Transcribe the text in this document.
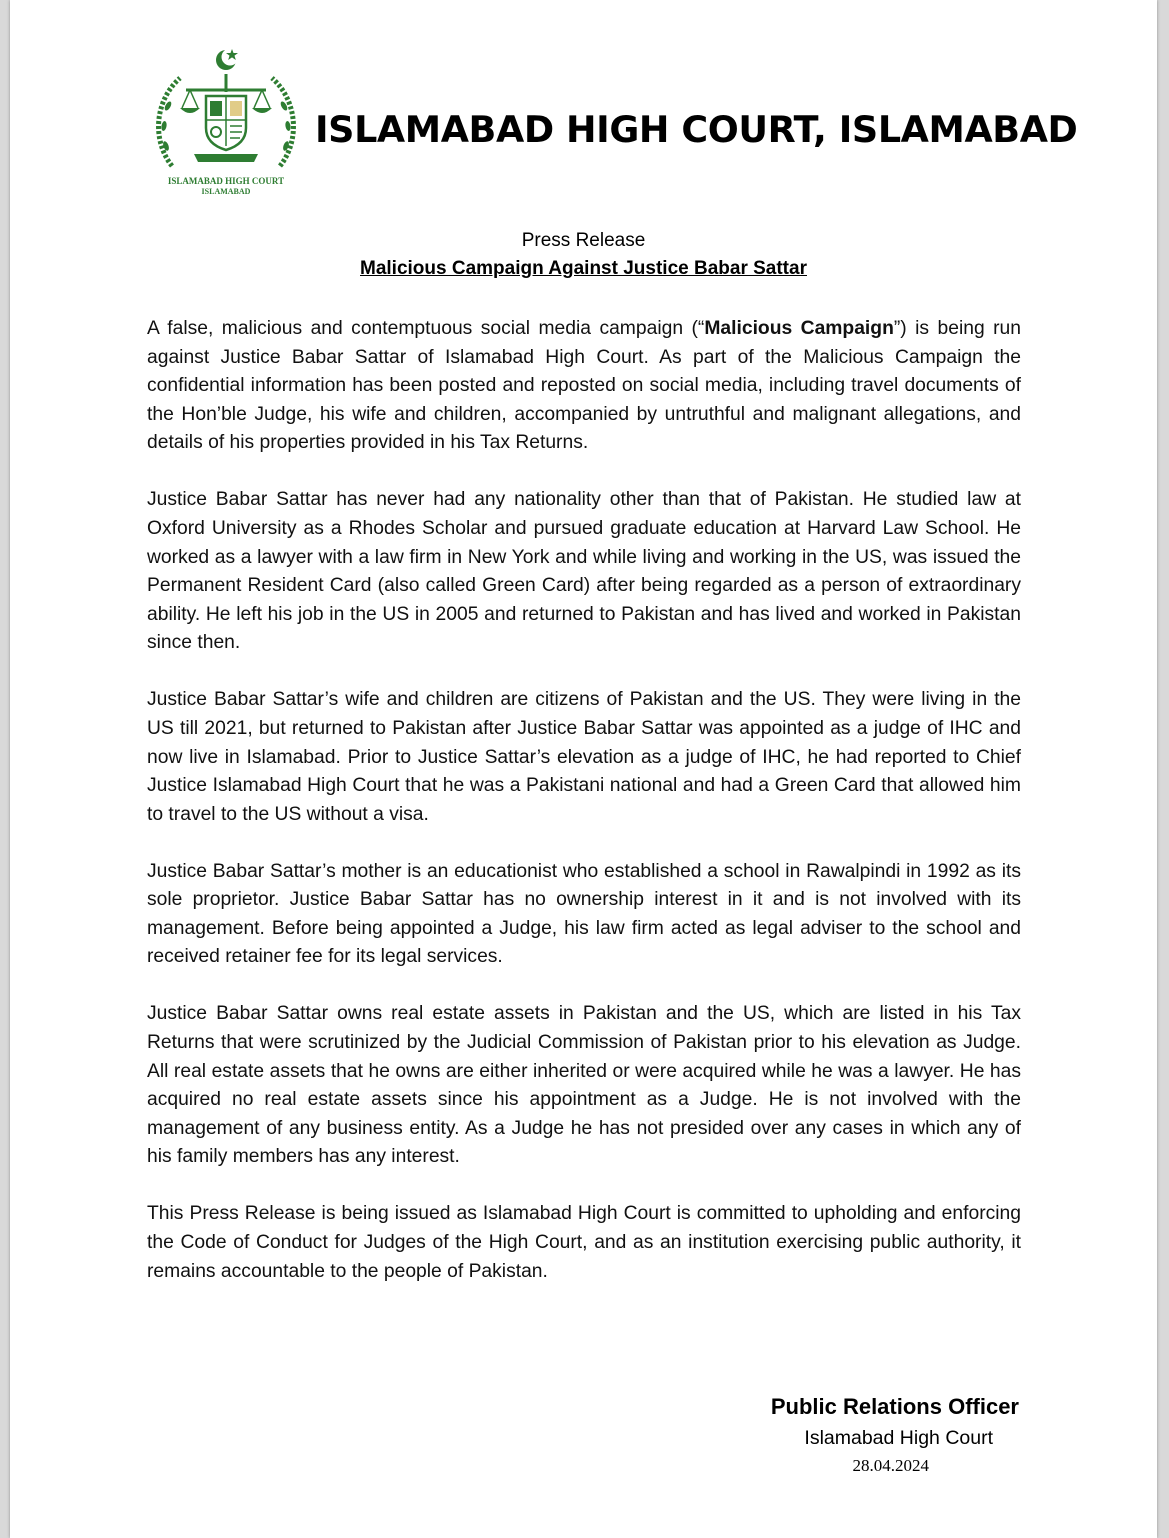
ISLAMABAD HIGH COURT
ISLAMABAD
ISLAMABAD HIGH COURT, ISLAMABAD
Press Release
Malicious Campaign Against Justice Babar Sattar

A false, malicious and contemptuous social media campaign (“Malicious Campaign”) is being run against Justice Babar Sattar of Islamabad High Court. As part of the Malicious Campaign the confidential information has been posted and reposted on social media, including travel documents of the Hon’ble Judge, his wife and children, accompanied by untruthful and malignant allegations, and details of his properties provided in his Tax Returns.

Justice Babar Sattar has never had any nationality other than that of Pakistan. He studied law at Oxford University as a Rhodes Scholar and pursued graduate education at Harvard Law School. He worked as a lawyer with a law firm in New York and while living and working in the US, was issued the Permanent Resident Card (also called Green Card) after being regarded as a person of extraordinary ability. He left his job in the US in 2005 and returned to Pakistan and has lived and worked in Pakistan since then.

Justice Babar Sattar’s wife and children are citizens of Pakistan and the US. They were living in the US till 2021, but returned to Pakistan after Justice Babar Sattar was appointed as a judge of IHC and now live in Islamabad. Prior to Justice Sattar’s elevation as a judge of IHC, he had reported to Chief Justice Islamabad High Court that he was a Pakistani national and had a Green Card that allowed him to travel to the US without a visa.

Justice Babar Sattar’s mother is an educationist who established a school in Rawalpindi in 1992 as its sole proprietor. Justice Babar Sattar has no ownership interest in it and is not involved with its management. Before being appointed a Judge, his law firm acted as legal adviser to the school and received retainer fee for its legal services.

Justice Babar Sattar owns real estate assets in Pakistan and the US, which are listed in his Tax Returns that were scrutinized by the Judicial Commission of Pakistan prior to his elevation as Judge. All real estate assets that he owns are either inherited or were acquired while he was a lawyer. He has acquired no real estate assets since his appointment as a Judge. He is not involved with the management of any business entity. As a Judge he has not presided over any cases in which any of his family members has any interest.

This Press Release is being issued as Islamabad High Court is committed to upholding and enforcing the Code of Conduct for Judges of the High Court, and as an institution exercising public authority, it remains accountable to the people of Pakistan.

Public Relations Officer
Islamabad High Court
28.04.2024
